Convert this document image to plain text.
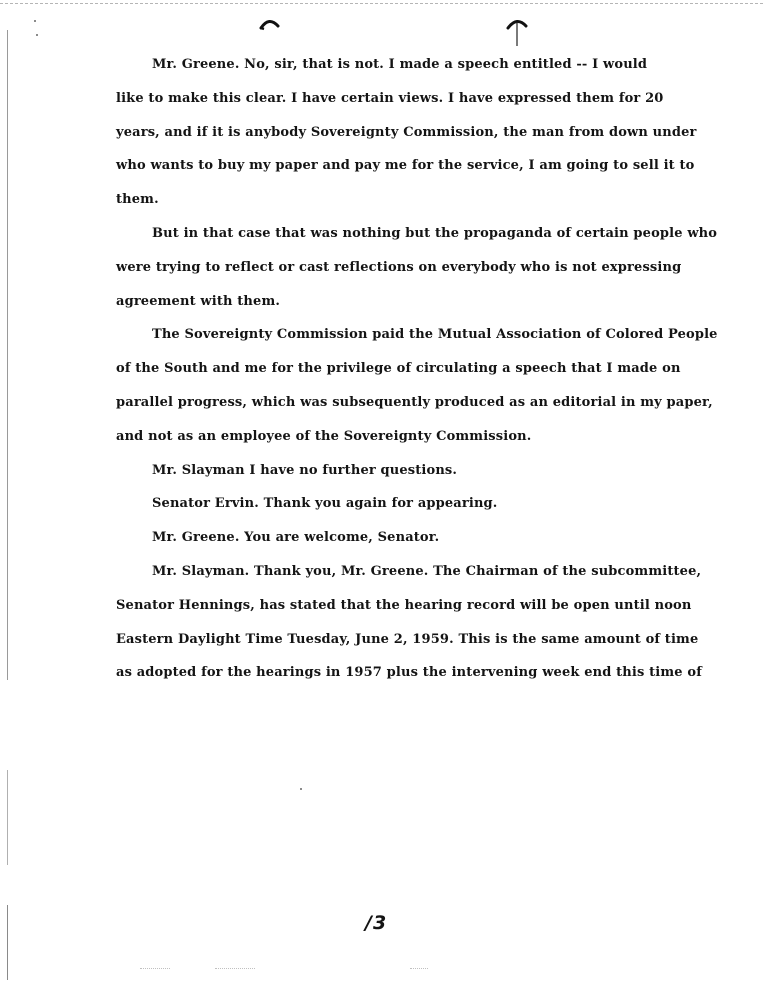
Mr. Greene. No, sir, that is not. I made a speech entitled -- I would
like to make this clear. I have certain views. I have expressed them for 20
years, and if it is anybody Sovereignty Commission, the man from down under
who wants to buy my paper and pay me for the service, I am going to sell it to
them.
But in that case that was nothing but the propaganda of certain people who
were trying to reflect or cast reflections on everybody who is not expressing
agreement with them.
The Sovereignty Commission paid the Mutual Association of Colored People
of the South and me for the privilege of circulating a speech that I made on
parallel progress, which was subsequently produced as an editorial in my paper,
and not as an employee of the Sovereignty Commission.
Mr. Slayman I have no further questions.
Senator Ervin. Thank you again for appearing.
Mr. Greene. You are welcome, Senator.
Mr. Slayman. Thank you, Mr. Greene. The Chairman of the subcommittee,
Senator Hennings, has stated that the hearing record will be open until noon
Eastern Daylight Time Tuesday, June 2, 1959. This is the same amount of time
as adopted for the hearings in 1957 plus the intervening week end this time of
/3
